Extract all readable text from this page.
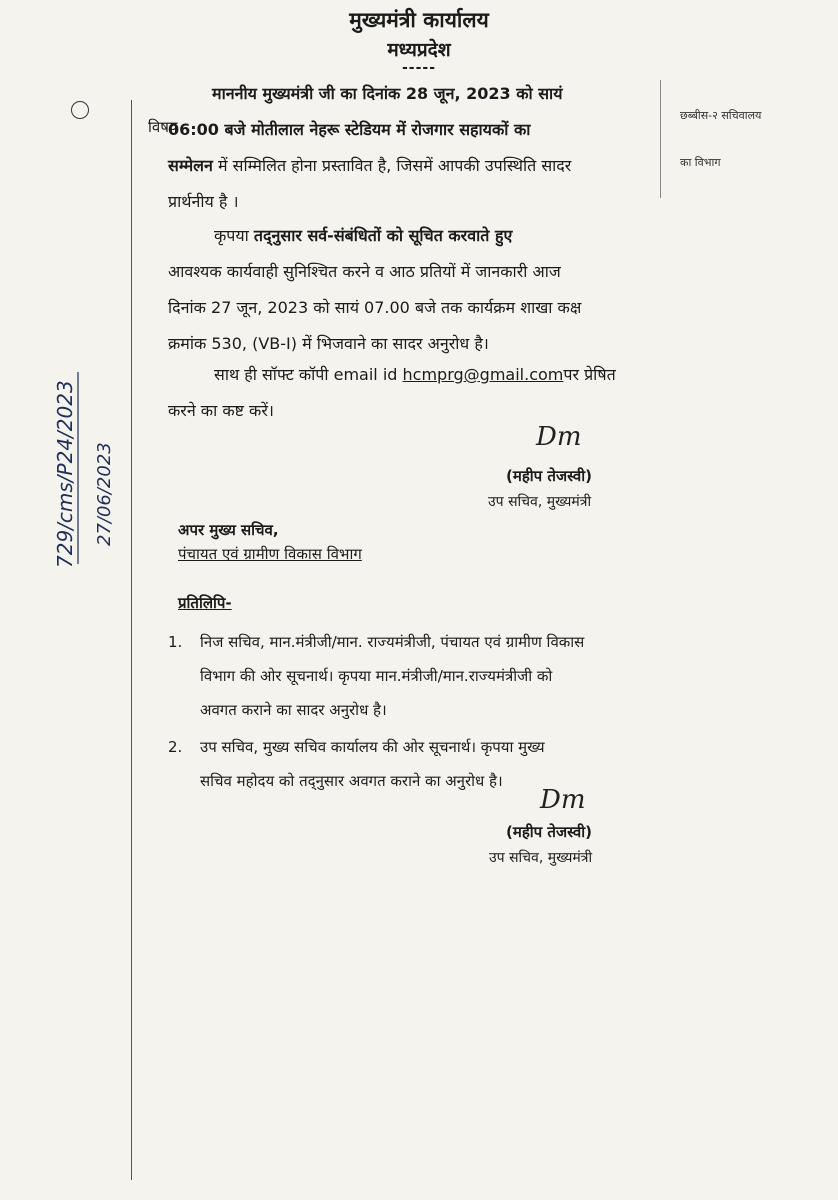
मुख्यमंत्री कार्यालय
मध्यप्रदेश
-----
छब्बीस-२ सचिवालय
का विभाग
729/cms/P24/2023 27/06/2023
विषय
माननीय मुख्यमंत्री जी का दिनांक 28 जून, 2023 को सायं
06:00 बजे मोतीलाल नेहरू स्टेडियम में रोजगार सहायकों का
सम्मेलन में सम्मिलित होना प्रस्तावित है, जिसमें आपकी उपस्थिति सादर
प्रार्थनीय है ।
कृपया तद्नुसार सर्व-संबंधितों को सूचित करवाते हुए
आवश्यक कार्यवाही सुनिश्चित करने व आठ प्रतियों में जानकारी आज
दिनांक 27 जून, 2023 को सायं 07.00 बजे तक कार्यक्रम शाखा कक्ष
क्रमांक 530, (VB-I) में भिजवाने का सादर अनुरोध है।
साथ ही सॉफ्ट कॉपी email id hcmprg@gmail.comपर प्रेषित
करने का कष्ट करें।
Dm
(महीप तेजस्वी)
उप सचिव, मुख्यमंत्री
अपर मुख्य सचिव,
पंचायत एवं ग्रामीण विकास विभाग
प्रतिलिपि-
1. निज सचिव, मान.मंत्रीजी/मान. राज्यमंत्रीजी, पंचायत एवं ग्रामीण विकास
विभाग की ओर सूचनार्थ। कृपया मान.मंत्रीजी/मान.राज्यमंत्रीजी को
अवगत कराने का सादर अनुरोध है।
2. उप सचिव, मुख्य सचिव कार्यालय की ओर सूचनार्थ। कृपया मुख्य
सचिव महोदय को तद्नुसार अवगत कराने का अनुरोध है।
Dm
(महीप तेजस्वी)
उप सचिव, मुख्यमंत्री
